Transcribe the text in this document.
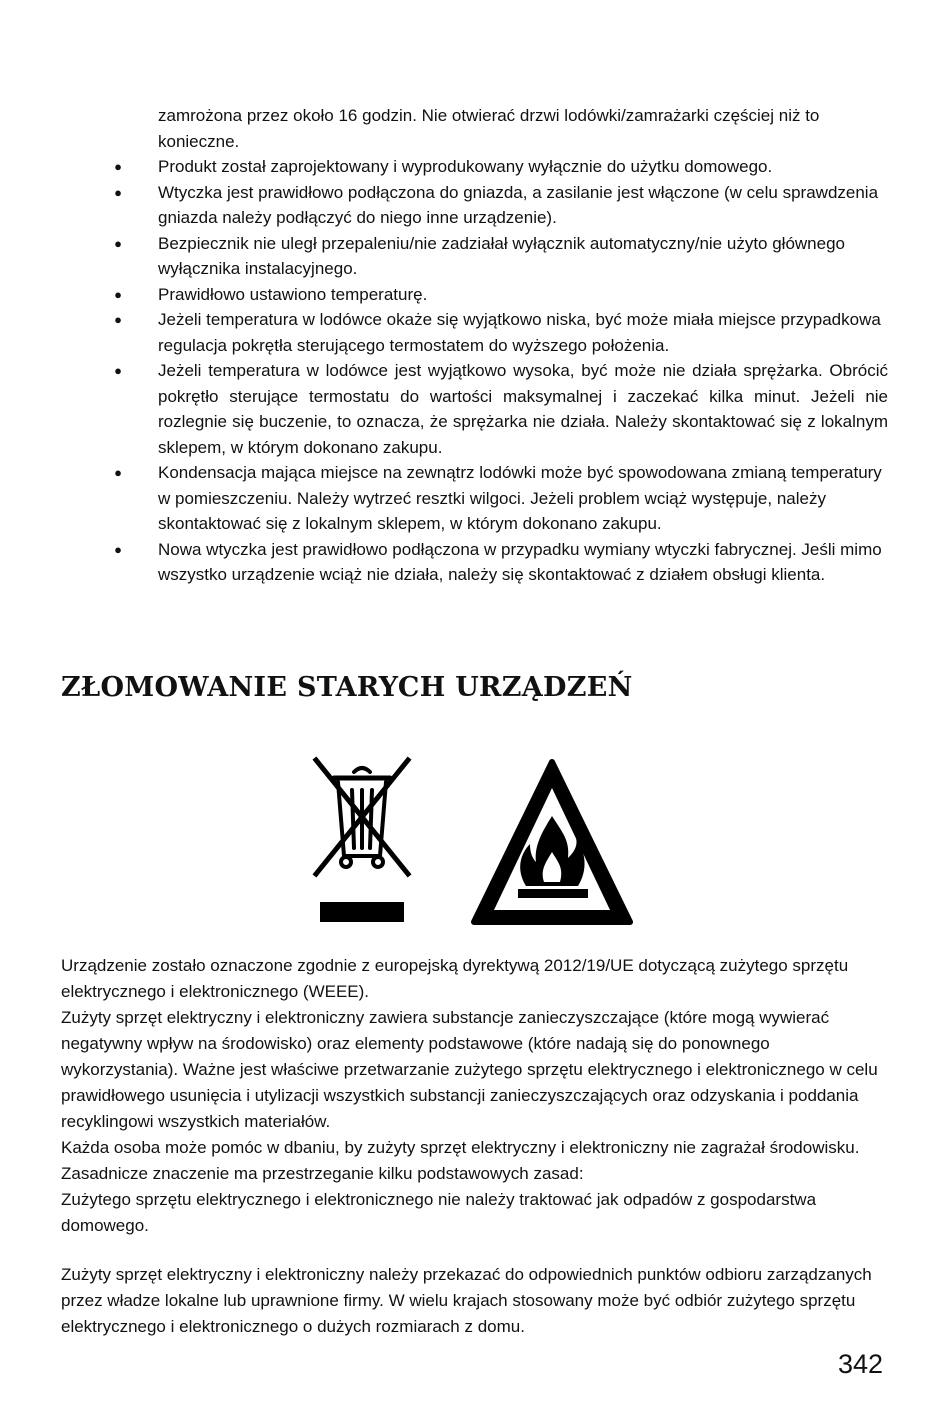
zamrożona przez około 16 godzin. Nie otwierać drzwi lodówki/zamrażarki częściej niż to konieczne.

● Produkt został zaprojektowany i wyprodukowany wyłącznie do użytku domowego.
● Wtyczka jest prawidłowo podłączona do gniazda, a zasilanie jest włączone (w celu sprawdzenia gniazda należy podłączyć do niego inne urządzenie).
● Bezpiecznik nie uległ przepaleniu/nie zadziałał wyłącznik automatyczny/nie użyto głównego wyłącznika instalacyjnego.
● Prawidłowo ustawiono temperaturę.
● Jeżeli temperatura w lodówce okaże się wyjątkowo niska, być może miała miejsce przypadkowa regulacja pokrętła sterującego termostatem do wyższego położenia.
● Jeżeli temperatura w lodówce jest wyjątkowo wysoka, być może nie działa sprężarka. Obrócić pokrętło sterujące termostatu do wartości maksymalnej i zaczekać kilka minut. Jeżeli nie rozlegnie się buczenie, to oznacza, że sprężarka nie działa. Należy skontaktować się z lokalnym sklepem, w którym dokonano zakupu.
● Kondensacja mająca miejsce na zewnątrz lodówki może być spowodowana zmianą temperatury w pomieszczeniu. Należy wytrzeć resztki wilgoci. Jeżeli problem wciąż występuje, należy skontaktować się z lokalnym sklepem, w którym dokonano zakupu.
● Nowa wtyczka jest prawidłowo podłączona w przypadku wymiany wtyczki fabrycznej. Jeśli mimo wszystko urządzenie wciąż nie działa, należy się skontaktować z działem obsługi klienta.
ZŁOMOWANIE STARYCH URZĄDZEŃ

Urządzenie zostało oznaczone zgodnie z europejską dyrektywą 2012/19/UE dotyczącą zużytego sprzętu elektrycznego i elektronicznego (WEEE).

Zużyty sprzęt elektryczny i elektroniczny zawiera substancje zanieczyszczające (które mogą wywierać negatywny wpływ na środowisko) oraz elementy podstawowe (które nadają się do ponownego wykorzystania). Ważne jest właściwe przetwarzanie zużytego sprzętu elektrycznego i elektronicznego w celu prawidłowego usunięcia i utylizacji wszystkich substancji zanieczyszczających oraz odzyskania i poddania recyklingowi wszystkich materiałów.

Każda osoba może pomóc w dbaniu, by zużyty sprzęt elektryczny i elektroniczny nie zagrażał środowisku. Zasadnicze znaczenie ma przestrzeganie kilku podstawowych zasad:

Zużytego sprzętu elektrycznego i elektronicznego nie należy traktować jak odpadów z gospodarstwa domowego.

Zużyty sprzęt elektryczny i elektroniczny należy przekazać do odpowiednich punktów odbioru zarządzanych przez władze lokalne lub uprawnione firmy. W wielu krajach stosowany może być odbiór zużytego sprzętu elektrycznego i elektronicznego o dużych rozmiarach z domu.

342
